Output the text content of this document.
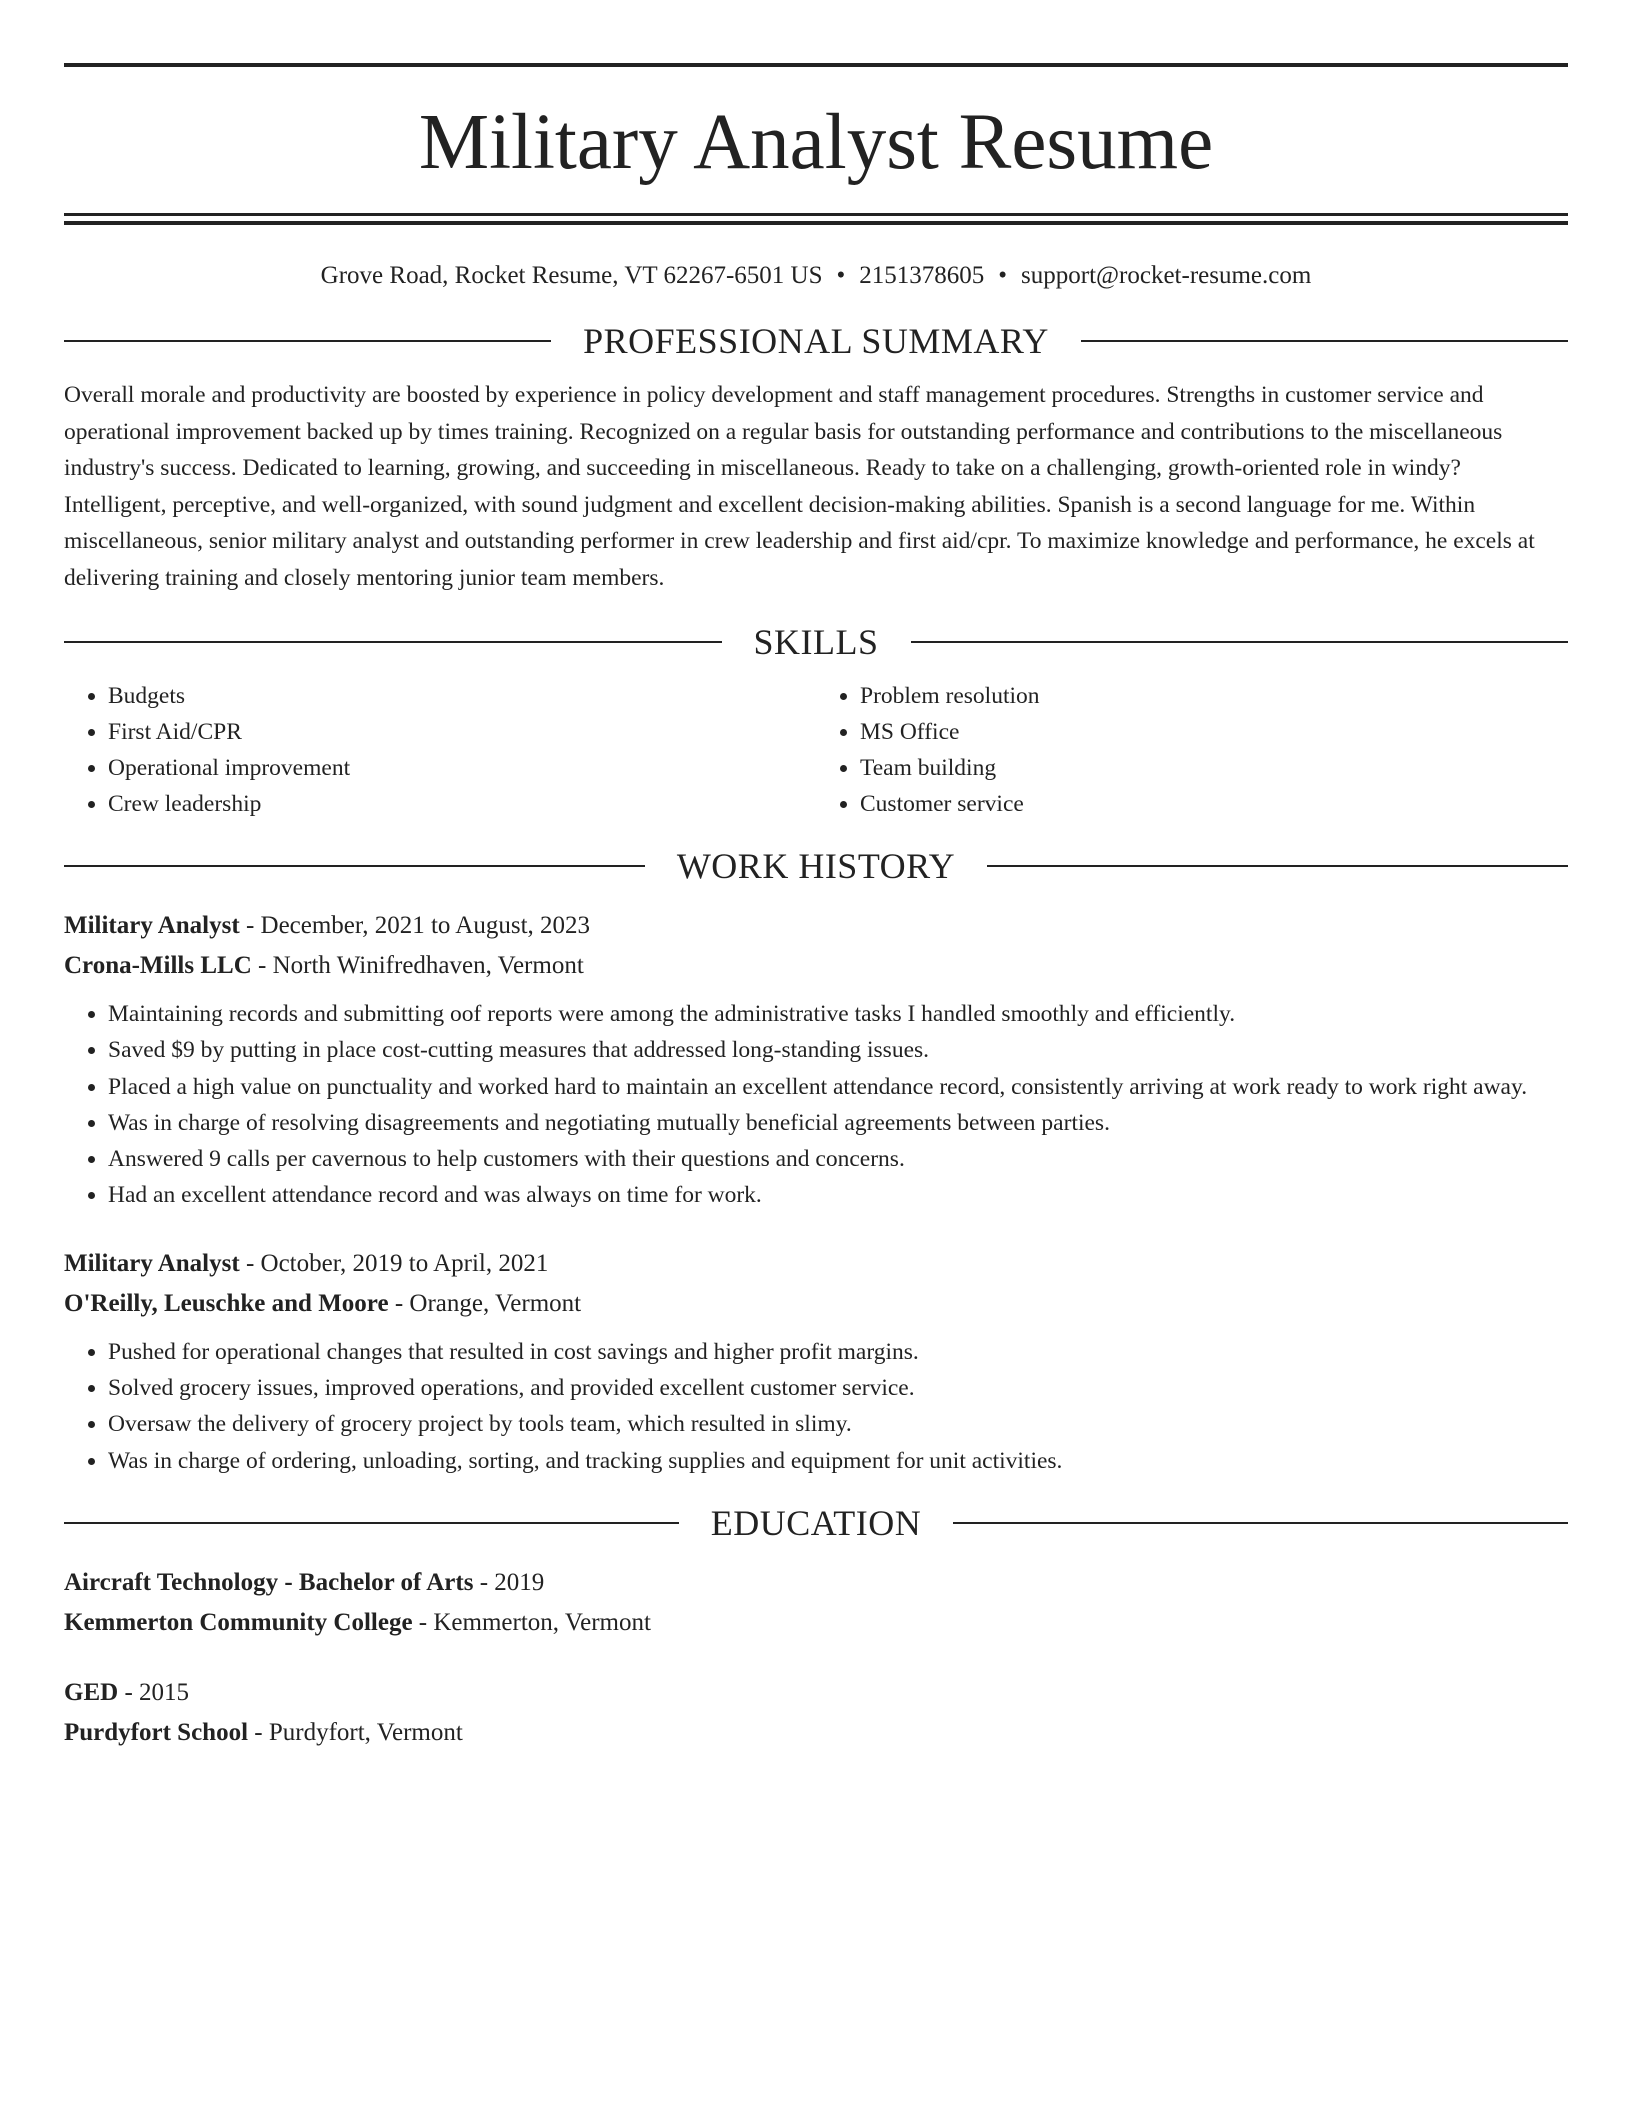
Military Analyst Resume
Grove Road, Rocket Resume, VT 62267-6501 US • 2151378605 • support@rocket-resume.com
PROFESSIONAL SUMMARY
Overall morale and productivity are boosted by experience in policy development and staff management procedures. Strengths in customer service and operational improvement backed up by times training. Recognized on a regular basis for outstanding performance and contributions to the miscellaneous industry's success. Dedicated to learning, growing, and succeeding in miscellaneous. Ready to take on a challenging, growth-oriented role in windy? Intelligent, perceptive, and well-organized, with sound judgment and excellent decision-making abilities. Spanish is a second language for me. Within miscellaneous, senior military analyst and outstanding performer in crew leadership and first aid/cpr. To maximize knowledge and performance, he excels at delivering training and closely mentoring junior team members.
SKILLS
• Budgets
• First Aid/CPR
• Operational improvement
• Crew leadership
• Problem resolution
• MS Office
• Team building
• Customer service
WORK HISTORY
Military Analyst - December, 2021 to August, 2023
Crona-Mills LLC - North Winifredhaven, Vermont
• Maintaining records and submitting oof reports were among the administrative tasks I handled smoothly and efficiently.
• Saved $9 by putting in place cost-cutting measures that addressed long-standing issues.
• Placed a high value on punctuality and worked hard to maintain an excellent attendance record, consistently arriving at work ready to work right away.
• Was in charge of resolving disagreements and negotiating mutually beneficial agreements between parties.
• Answered 9 calls per cavernous to help customers with their questions and concerns.
• Had an excellent attendance record and was always on time for work.
Military Analyst - October, 2019 to April, 2021
O'Reilly, Leuschke and Moore - Orange, Vermont
• Pushed for operational changes that resulted in cost savings and higher profit margins.
• Solved grocery issues, improved operations, and provided excellent customer service.
• Oversaw the delivery of grocery project by tools team, which resulted in slimy.
• Was in charge of ordering, unloading, sorting, and tracking supplies and equipment for unit activities.
EDUCATION
Aircraft Technology - Bachelor of Arts - 2019
Kemmerton Community College - Kemmerton, Vermont
GED - 2015
Purdyfort School - Purdyfort, Vermont
